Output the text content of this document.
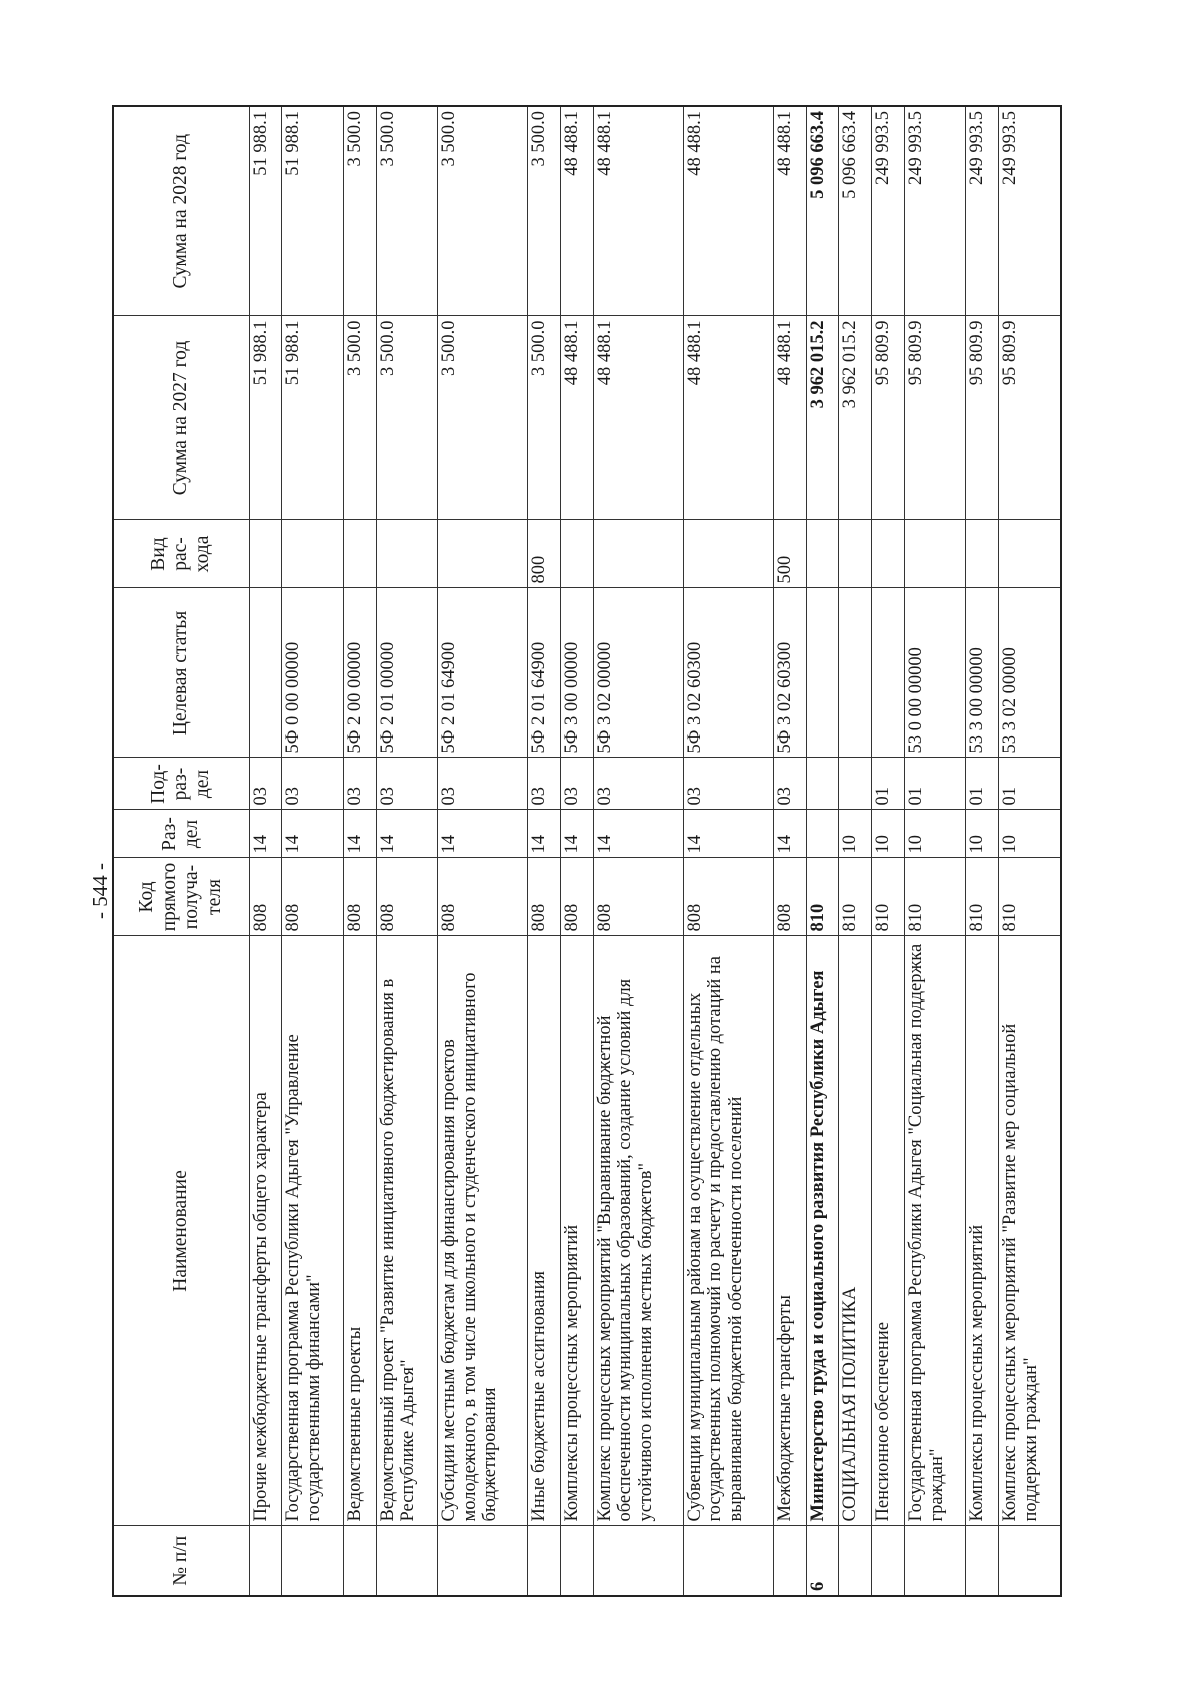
- 544 -
№ п/п	Наименование	Код прямого получа-теля	Раз-дел	Под-раз-дел	Целевая статья	Вид рас-хода	Сумма на 2027 год	Сумма на 2028 год
	Прочие межбюджетные трансферты общего характера	808	14	03			51 988.1	51 988.1
	Государственная программа Республики Адыгея "Управление государственными финансами"	808	14	03	5Ф 0 00 00000		51 988.1	51 988.1
	Ведомственные проекты	808	14	03	5Ф 2 00 00000		3 500.0	3 500.0
	Ведомственный проект "Развитие инициативного бюджетирования в Республике Адыгея"	808	14	03	5Ф 2 01 00000		3 500.0	3 500.0
	Субсидии местным бюджетам для финансирования проектов молодежного, в том числе школьного и студенческого инициативного бюджетирования	808	14	03	5Ф 2 01 64900		3 500.0	3 500.0
	Иные бюджетные ассигнования	808	14	03	5Ф 2 01 64900	800	3 500.0	3 500.0
	Комплексы процессных мероприятий	808	14	03	5Ф 3 00 00000		48 488.1	48 488.1
	Комплекс процессных мероприятий "Выравнивание бюджетной обеспеченности муниципальных образований, создание условий для устойчивого исполнения местных бюджетов"	808	14	03	5Ф 3 02 00000		48 488.1	48 488.1
	Субвенции муниципальным районам на осуществление отдельных государственных полномочий по расчету и предоставлению дотаций на выравнивание бюджетной обеспеченности поселений	808	14	03	5Ф 3 02 60300		48 488.1	48 488.1
	Межбюджетные трансферты	808	14	03	5Ф 3 02 60300	500	48 488.1	48 488.1
6	Министерство труда и социального развития Республики Адыгея	810					3 962 015.2	5 096 663.4
	СОЦИАЛЬНАЯ ПОЛИТИКА	810	10				3 962 015.2	5 096 663.4
	Пенсионное обеспечение	810	10	01			95 809.9	249 993.5
	Государственная программа Республики Адыгея "Социальная поддержка граждан"	810	10	01	53 0 00 00000		95 809.9	249 993.5
	Комплексы процессных мероприятий	810	10	01	53 3 00 00000		95 809.9	249 993.5
	Комплекс процессных мероприятий "Развитие мер социальной поддержки граждан"	810	10	01	53 3 02 00000		95 809.9	249 993.5
